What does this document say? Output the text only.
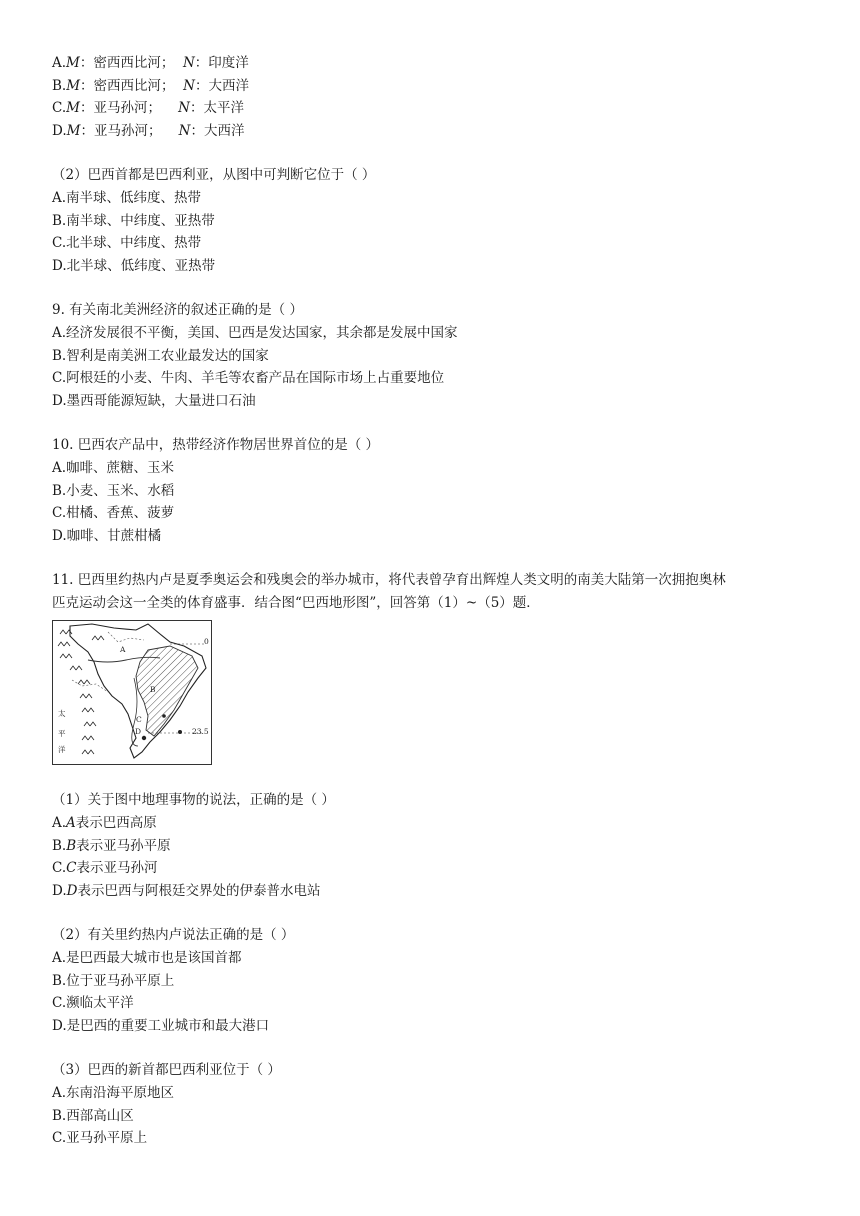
A.M：密西西比河； N：印度洋
B.M：密西西比河； N：大西洋
C.M：亚马孙河； N：太平洋
D.M：亚马孙河； N：大西洋
（2）巴西首都是巴西利亚，从图中可判断它位于（ ）
A.南半球、低纬度、热带
B.南半球、中纬度、亚热带
C.北半球、中纬度、热带
D.北半球、低纬度、亚热带
9. 有关南北美洲经济的叙述正确的是（ ）
A.经济发展很不平衡，美国、巴西是发达国家，其余都是发展中国家
B.智利是南美洲工农业最发达的国家
C.阿根廷的小麦、牛肉、羊毛等农畜产品在国际市场上占重要地位
D.墨西哥能源短缺，大量进口石油
10. 巴西农产品中，热带经济作物居世界首位的是（ ）
A.咖啡、蔗糖、玉米
B.小麦、玉米、水稻
C.柑橘、香蕉、菠萝
D.咖啡、甘蔗柑橘
11. 巴西里约热内卢是夏季奥运会和残奥会的举办城市，将代表曾孕育出辉煌人类文明的南美大陆第一次拥抱奥林
匹克运动会这一全类的体育盛事．结合图“巴西地形图”，回答第（1）~（5）题．
A
B
C
D
0
23.5
太
平
洋
（1）关于图中地理事物的说法，正确的是（ ）
A.A表示巴西高原
B.B表示亚马孙平原
C.C表示亚马孙河
D.D表示巴西与阿根廷交界处的伊泰普水电站
（2）有关里约热内卢说法正确的是（ ）
A.是巴西最大城市也是该国首都
B.位于亚马孙平原上
C.濒临太平洋
D.是巴西的重要工业城市和最大港口
（3）巴西的新首都巴西利亚位于（ ）
A.东南沿海平原地区
B.西部高山区
C.亚马孙平原上
